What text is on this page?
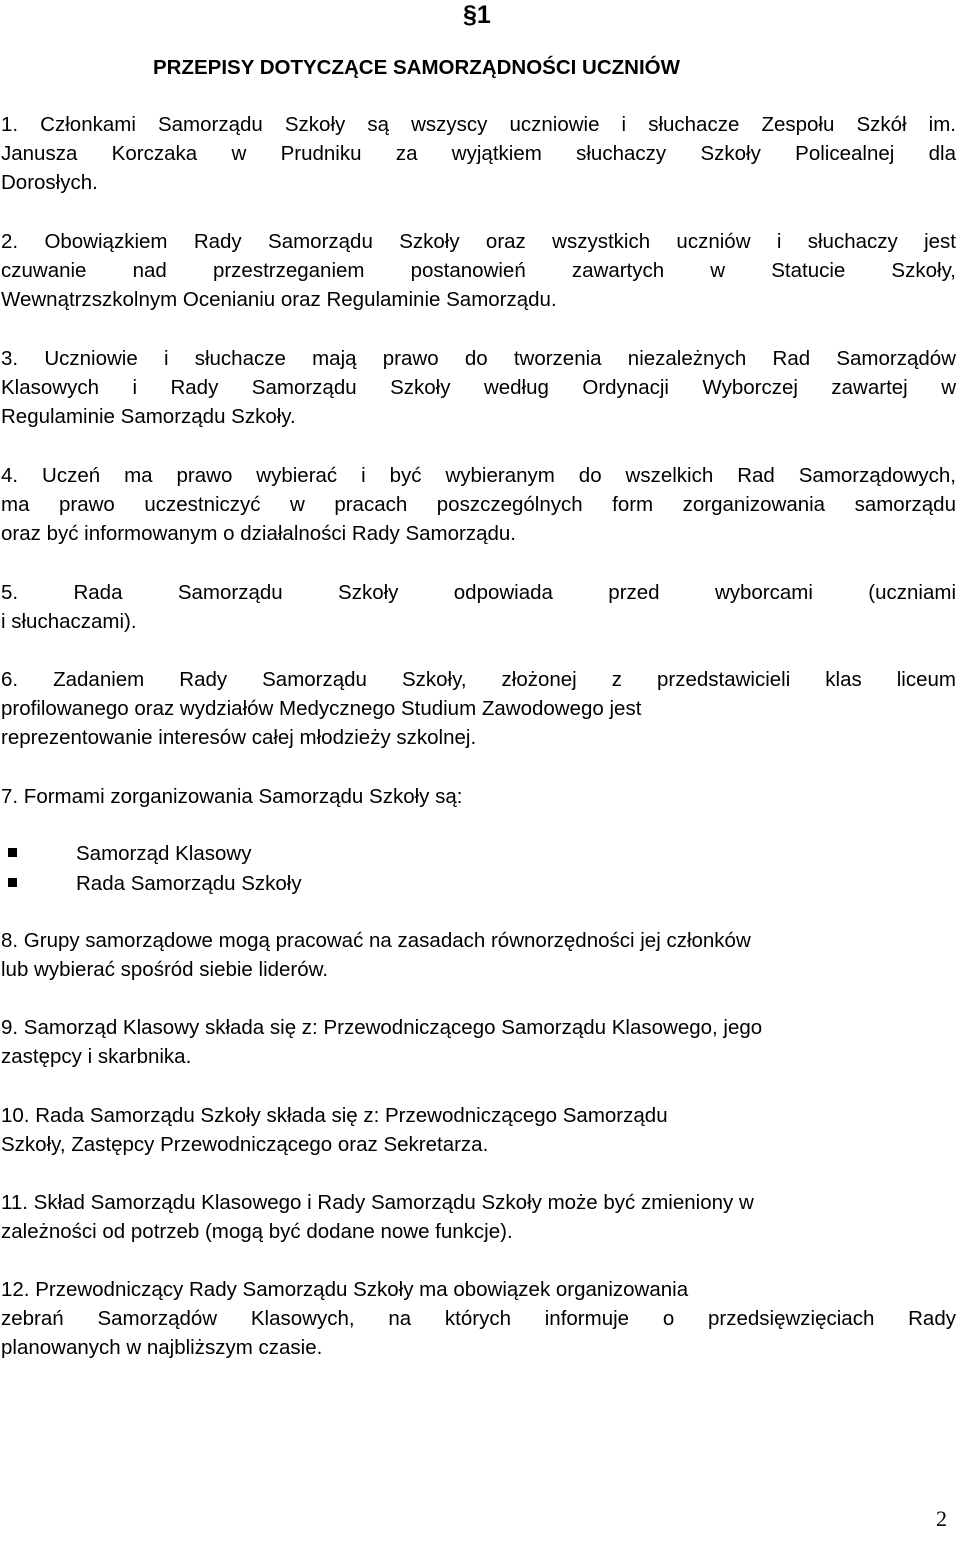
§1
PRZEPISY DOTYCZĄCE SAMORZĄDNOŚCI UCZNIÓW

1. Członkami Samorządu Szkoły są wszyscy uczniowie i słuchacze Zespołu Szkół im.
Janusza Korczaka w Prudniku za wyjątkiem słuchaczy Szkoły Policealnej dla
Dorosłych.

2. Obowiązkiem Rady Samorządu Szkoły oraz wszystkich uczniów i słuchaczy jest
czuwanie nad przestrzeganiem postanowień zawartych w Statucie Szkoły,
Wewnątrzszkolnym Ocenianiu oraz Regulaminie Samorządu.

3. Uczniowie i słuchacze mają prawo do tworzenia niezależnych Rad Samorządów
Klasowych i Rady Samorządu Szkoły według Ordynacji Wyborczej zawartej w
Regulaminie Samorządu Szkoły.

4. Uczeń ma prawo wybierać i być wybieranym do wszelkich Rad Samorządowych,
ma prawo uczestniczyć w pracach poszczególnych form zorganizowania samorządu
oraz być informowanym o działalności Rady Samorządu.

5. Rada Samorządu Szkoły odpowiada przed wyborcami (uczniami
i słuchaczami).

6. Zadaniem Rady Samorządu Szkoły, złożonej z przedstawicieli klas liceum
profilowanego oraz wydziałów Medycznego Studium Zawodowego jest
reprezentowanie interesów całej młodzieży szkolnej.

7. Formami zorganizowania Samorządu Szkoły są:

Samorząd Klasowy
Rada Samorządu Szkoły

8. Grupy samorządowe mogą pracować na zasadach równorzędności jej członków
lub wybierać spośród siebie liderów.

9. Samorząd Klasowy składa się z: Przewodniczącego Samorządu Klasowego, jego
zastępcy i skarbnika.

10. Rada Samorządu Szkoły składa się z: Przewodniczącego Samorządu
Szkoły, Zastępcy Przewodniczącego oraz Sekretarza.

11. Skład Samorządu Klasowego i Rady Samorządu Szkoły może być zmieniony w
zależności od potrzeb (mogą być dodane nowe funkcje).

12. Przewodniczący Rady Samorządu Szkoły ma obowiązek organizowania
zebrań Samorządów Klasowych, na których informuje o przedsięwzięciach Rady
planowanych w najbliższym czasie.

2
